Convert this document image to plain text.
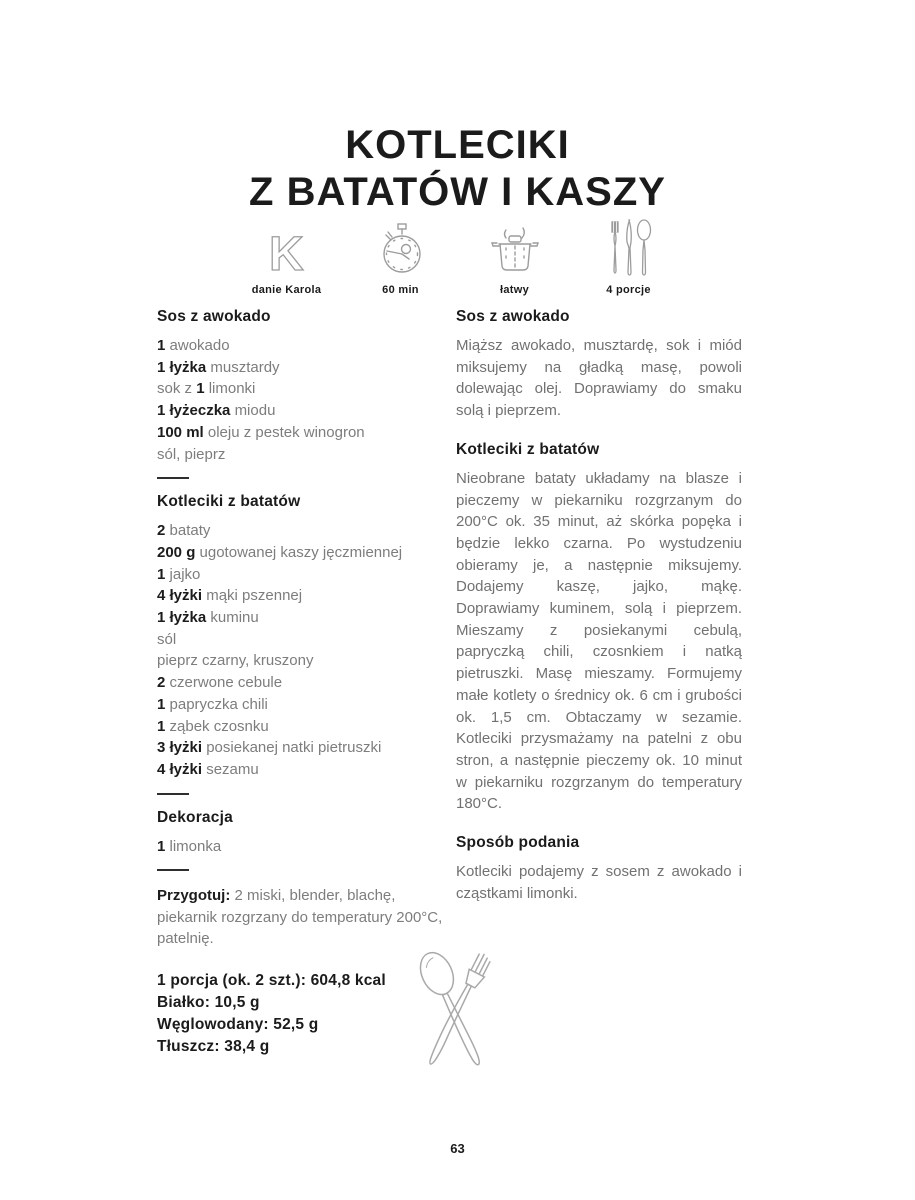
KOTLECIKI
Z BATATÓW I KASZY
K
danie Karola	60 min	łatwy	4 porcje
Sos z awokado

1 awokado

1 łyżka musztardy

sok z 1 limonki

1 łyżeczka miodu

100 ml oleju z pestek winogron

sól, pieprz

Kotleciki z batatów

2 bataty

200 g ugotowanej kaszy jęczmiennej

1 jajko

4 łyżki mąki pszennej

1 łyżka kuminu

sól

pieprz czarny, kruszony

2 czerwone cebule

1 papryczka chili

1 ząbek czosnku

3 łyżki posiekanej natki pietruszki

4 łyżki sezamu

Dekoracja

1 limonka

Przygotuj: 2 miski, blender, blachę, piekarnik rozgrzany do temperatury 200°C, patelnię.

1 porcja (ok. 2 szt.): 604,8 kcal

Białko: 10,5 g

Węglowodany: 52,5 g

Tłuszcz: 38,4 g

Sos z awokado

Miąższ awokado, musztardę, sok i miód miksujemy na gładką masę, powoli dolewając olej. Doprawiamy do smaku solą i pieprzem.

Kotleciki z batatów

Nieobrane bataty układamy na blasze i pieczemy w piekarniku rozgrzanym do 200°C ok. 35 minut, aż skórka popęka i będzie lekko czarna. Po wystudzeniu obieramy je, a następnie miksujemy. Dodajemy kaszę, jajko, mąkę. Doprawiamy kuminem, solą i pieprzem. Mieszamy z posiekanymi cebulą, papryczką chili, czosnkiem i natką pietruszki. Masę mieszamy. Formujemy małe kotlety o średnicy ok. 6 cm i grubości ok. 1,5 cm. Obtaczamy w sezamie. Kotleciki przysmażamy na patelni z obu stron, a następnie pieczemy ok. 10 minut w piekarniku rozgrzanym do temperatury 180°C.

Sposób podania

Kotleciki podajemy z sosem z awokado i cząstkami limonki.

63
